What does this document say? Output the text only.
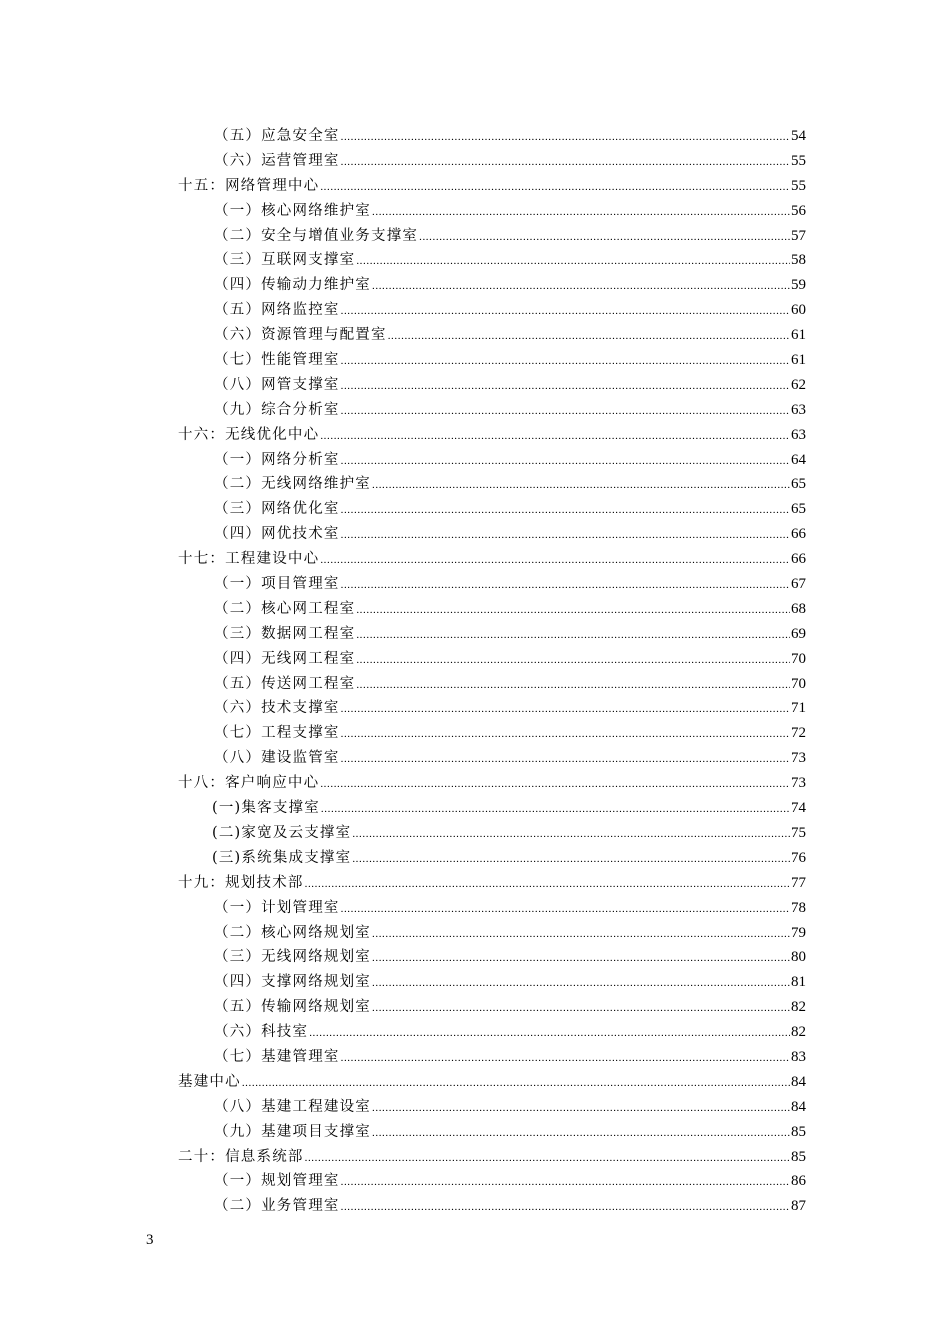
（五）应急安全室 .....	54
（六）运营管理室 .....	55
十五：网络管理中心 .....	55
（一）核心网络维护室 .....	56
（二）安全与增值业务支撑室 .....	57
（三）互联网支撑室 .....	58
（四）传输动力维护室 .....	59
（五）网络监控室 .....	60
（六）资源管理与配置室 .....	61
（七）性能管理室 .....	61
（八）网管支撑室 .....	62
（九）综合分析室 .....	63
十六：无线优化中心 .....	63
（一）网络分析室 .....	64
（二）无线网络维护室 .....	65
（三）网络优化室 .....	65
（四）网优技术室 .....	66
十七：工程建设中心 .....	66
（一）项目管理室 .....	67
（二）核心网工程室 .....	68
（三）数据网工程室 .....	69
（四）无线网工程室 .....	70
（五）传送网工程室 .....	70
（六）技术支撑室 .....	71
（七）工程支撑室 .....	72
（八）建设监管室 .....	73
十八：客户响应中心 .....	73
(一)集客支撑室 .....	74
(二)家宽及云支撑室 .....	75
(三)系统集成支撑室 .....	76
十九：规划技术部 .....	77
（一）计划管理室 .....	78
（二）核心网络规划室 .....	79
（三）无线网络规划室 .....	80
（四）支撑网络规划室 .....	81
（五）传输网络规划室 .....	82
（六）科技室 .....	82
（七）基建管理室 .....	83
基建中心 .....	84
（八）基建工程建设室 .....	84
（九）基建项目支撑室 .....	85
二十：信息系统部 .....	85
（一）规划管理室 .....	86
（二）业务管理室 .....	87
3
